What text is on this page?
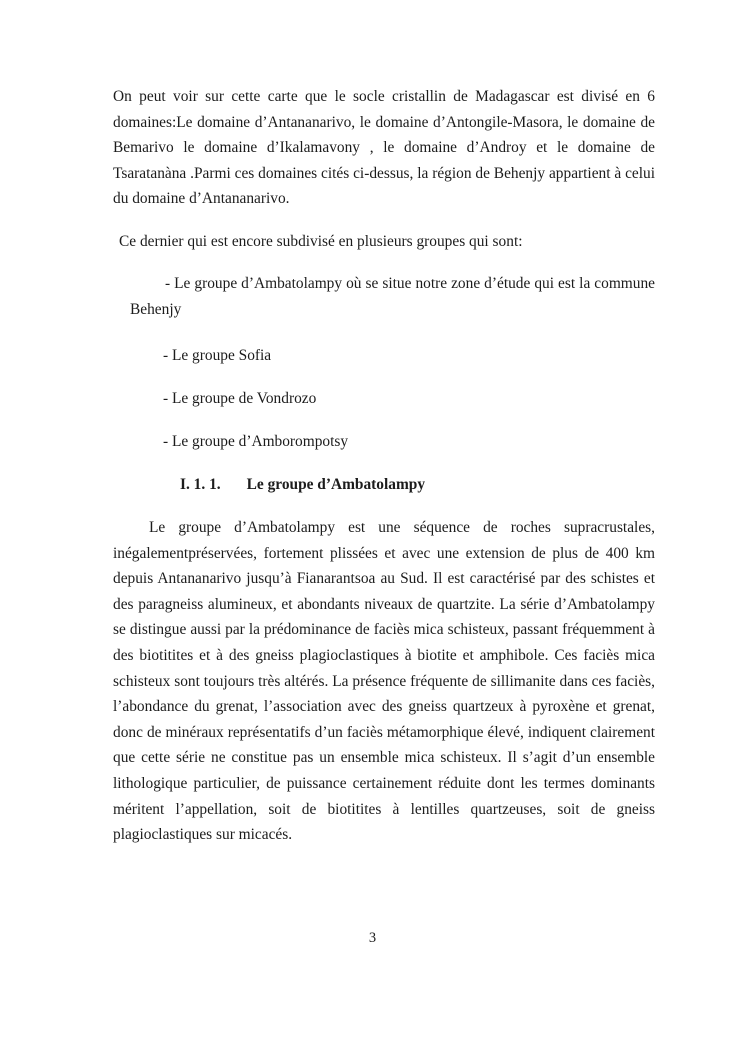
On peut voir sur cette carte que le socle cristallin de Madagascar est divisé en 6 domaines:Le domaine d’Antananarivo, le domaine d’Antongile-Masora, le domaine de Bemarivo le domaine d’Ikalamavony , le domaine d’Androy et le domaine de Tsaratanàna .Parmi ces domaines cités ci-dessus, la région de Behenjy appartient à celui du domaine d’Antananarivo.

Ce dernier qui est encore subdivisé en plusieurs groupes qui sont:

- Le groupe d’Ambatolampy où se situe notre zone d’étude qui est la commune Behenjy
- Le groupe Sofia
- Le groupe de Vondrozo
- Le groupe d’Amborompotsy
I. 1. 1. Le groupe d’Ambatolampy

Le groupe d’Ambatolampy est une séquence de roches supracrustales, inégalementpréservées, fortement plissées et avec une extension de plus de 400 km depuis Antananarivo jusqu’à Fianarantsoa au Sud. Il est caractérisé par des schistes et des paragneiss alumineux, et abondants niveaux de quartzite. La série d’Ambatolampy se distingue aussi par la prédominance de faciès mica schisteux, passant fréquemment à des biotitites et à des gneiss plagioclastiques à biotite et amphibole. Ces faciès mica schisteux sont toujours très altérés. La présence fréquente de sillimanite dans ces faciès, l’abondance du grenat, l’association avec des gneiss quartzeux à pyroxène et grenat, donc de minéraux représentatifs d’un faciès métamorphique élevé, indiquent clairement que cette série ne constitue pas un ensemble mica schisteux. Il s’agit d’un ensemble lithologique particulier, de puissance certainement réduite dont les termes dominants méritent l’appellation, soit de biotitites à lentilles quartzeuses, soit de gneiss plagioclastiques sur micacés.

3
